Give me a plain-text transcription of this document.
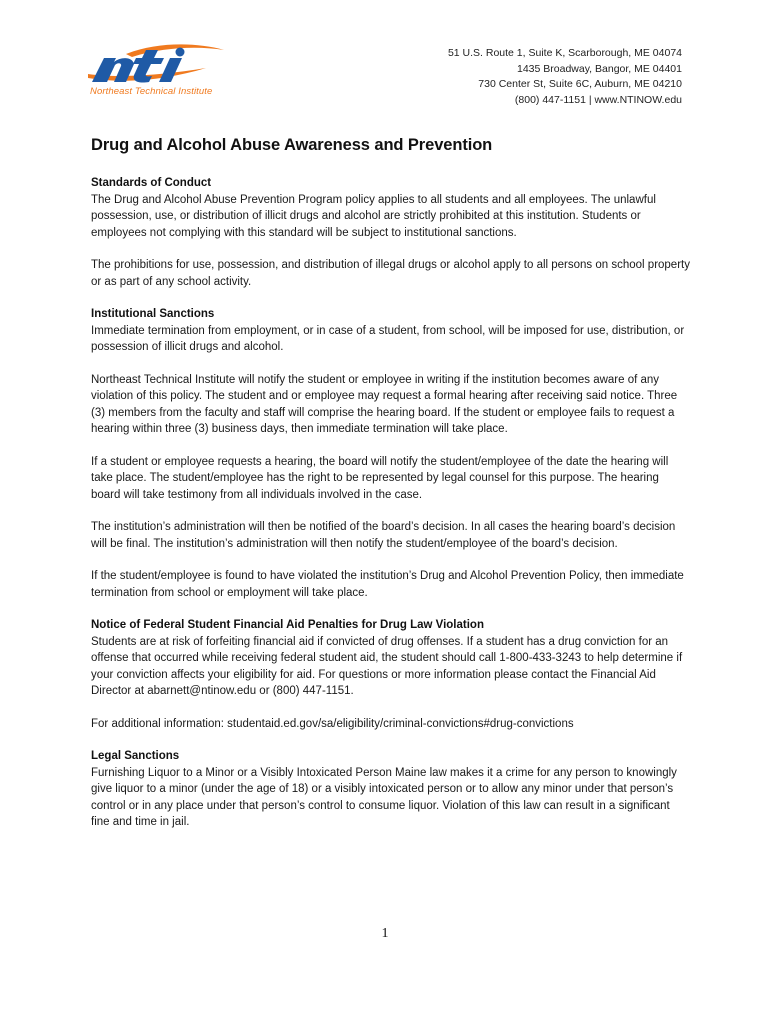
Northeast Technical Institute
51 U.S. Route 1, Suite K, Scarborough, ME 04074
1435 Broadway, Bangor, ME 04401
730 Center St, Suite 6C, Auburn, ME 04210
(800) 447-1151 | www.NTINOW.edu
Drug and Alcohol Abuse Awareness and Prevention
Standards of Conduct

The Drug and Alcohol Abuse Prevention Program policy applies to all students and all employees. The unlawful possession, use, or distribution of illicit drugs and alcohol are strictly prohibited at this institution. Students or employees not complying with this standard will be subject to institutional sanctions.

The prohibitions for use, possession, and distribution of illegal drugs or alcohol apply to all persons on school property or as part of any school activity.

Institutional Sanctions

Immediate termination from employment, or in case of a student, from school, will be imposed for use, distribution, or possession of illicit drugs and alcohol.

Northeast Technical Institute will notify the student or employee in writing if the institution becomes aware of any violation of this policy. The student and or employee may request a formal hearing after receiving said notice. Three (3) members from the faculty and staff will comprise the hearing board. If the student or employee fails to request a hearing within three (3) business days, then immediate termination will take place.

If a student or employee requests a hearing, the board will notify the student/employee of the date the hearing will take place. The student/employee has the right to be represented by legal counsel for this purpose. The hearing board will take testimony from all individuals involved in the case.

The institution’s administration will then be notified of the board’s decision. In all cases the hearing board’s decision will be final. The institution’s administration will then notify the student/employee of the board’s decision.

If the student/employee is found to have violated the institution’s Drug and Alcohol Prevention Policy, then immediate termination from school or employment will take place.

Notice of Federal Student Financial Aid Penalties for Drug Law Violation

Students are at risk of forfeiting financial aid if convicted of drug offenses. If a student has a drug conviction for an offense that occurred while receiving federal student aid, the student should call 1-800-433-3243 to help determine if your conviction affects your eligibility for aid. For questions or more information please contact the Financial Aid Director at abarnett@ntinow.edu or (800) 447-1151.

For additional information: studentaid.ed.gov/sa/eligibility/criminal-convictions#drug-convictions

Legal Sanctions

Furnishing Liquor to a Minor or a Visibly Intoxicated Person Maine law makes it a crime for any person to knowingly give liquor to a minor (under the age of 18) or a visibly intoxicated person or to allow any minor under that person’s control or in any place under that person’s control to consume liquor. Violation of this law can result in a significant fine and time in jail.

1
